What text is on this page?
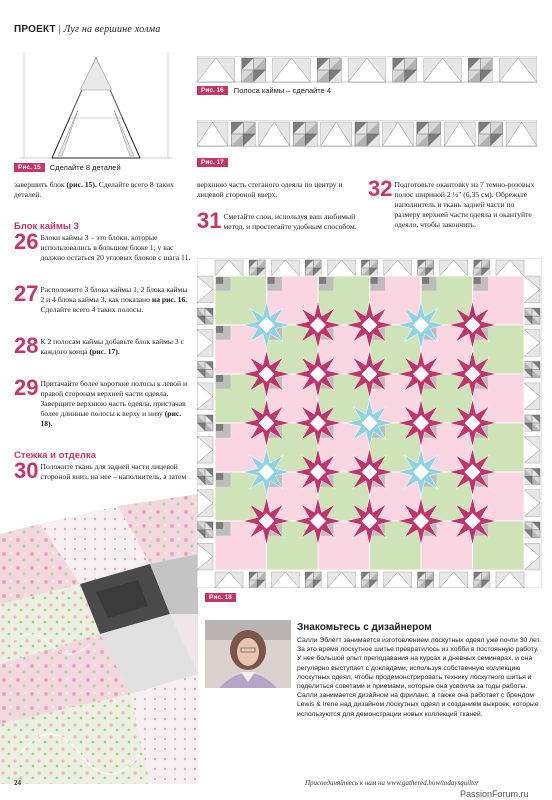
ПРОЕКТ | Луг на вершине холма
Рис. 15	Сделайте 8 деталей
Рис. 16	Полоса каймы – сделайте 4
Рис. 17
завершить блок (рис. 15). Сделайте всего 8 таких деталей.
Блок каймы 3
26 Блоки каймы 3 – это блоки, которые использовались в большом блоке 1; у вас должно остаться 20 угловых блоков с шага 11.
27 Расположите 3 блока каймы 1, 2 блока каймы 2 и 4 блока каймы 3, как показано на рис. 16. Сделайте всего 4 таких полосы.
28 К 2 полосам каймы добавьте блок каймы 3 с каждого конца (рис. 17).
29 Притачайте более короткие полосы к левой и правой сторонам верхней части одеяла. Заверщите верхнюю часть одеяла, пристачав более длинные полосы к верху и низу (рис. 18).
Стежка и отделка
30 Положите ткань для задней части лицевой стороной вниз, на нее – наполнитель, а затем
верхнюю часть стеганого одеяла по центру и лицевой стороной вверх.
31 Сметайте слои, используя ваш любимый метод, и простегайте удобным способом.
32 Подготовьте окантовку из 7 темно-розовых полос шириной 2 ½" (6,35 см). Обрежьте наполнитель и ткань задней части по размеру верхней части одеяла и окантуйте одеяло, чтобы закончить.
Рис. 18
Знакомьтесь с дизайнером
Салли Эблетт занимается изготовлением лоскутных одеял уже почти 30 лет. За это время лоскутное шитье превратилось из хобби в постоянную работу. У нее большой опыт преподавания на курсах и дневных семинарах, и она регулярно выступает с докладами, используя собственную коллекцию лоскутных одеял, чтобы продемонстрировать технику лоскутного шитья и поделиться советами и приемами, которые она усвоила за годы работы. Салли занимается дизайном на фриланс, а также она работает с брендом Lewis & Irene над дизайном лоскутных одеял и созданием выкроек, которые используются для демонстрации новых коллекций тканей.
24	Присоединяйтесь к нам на www.gathered.how/todaysquilter
PassionForum.ru
